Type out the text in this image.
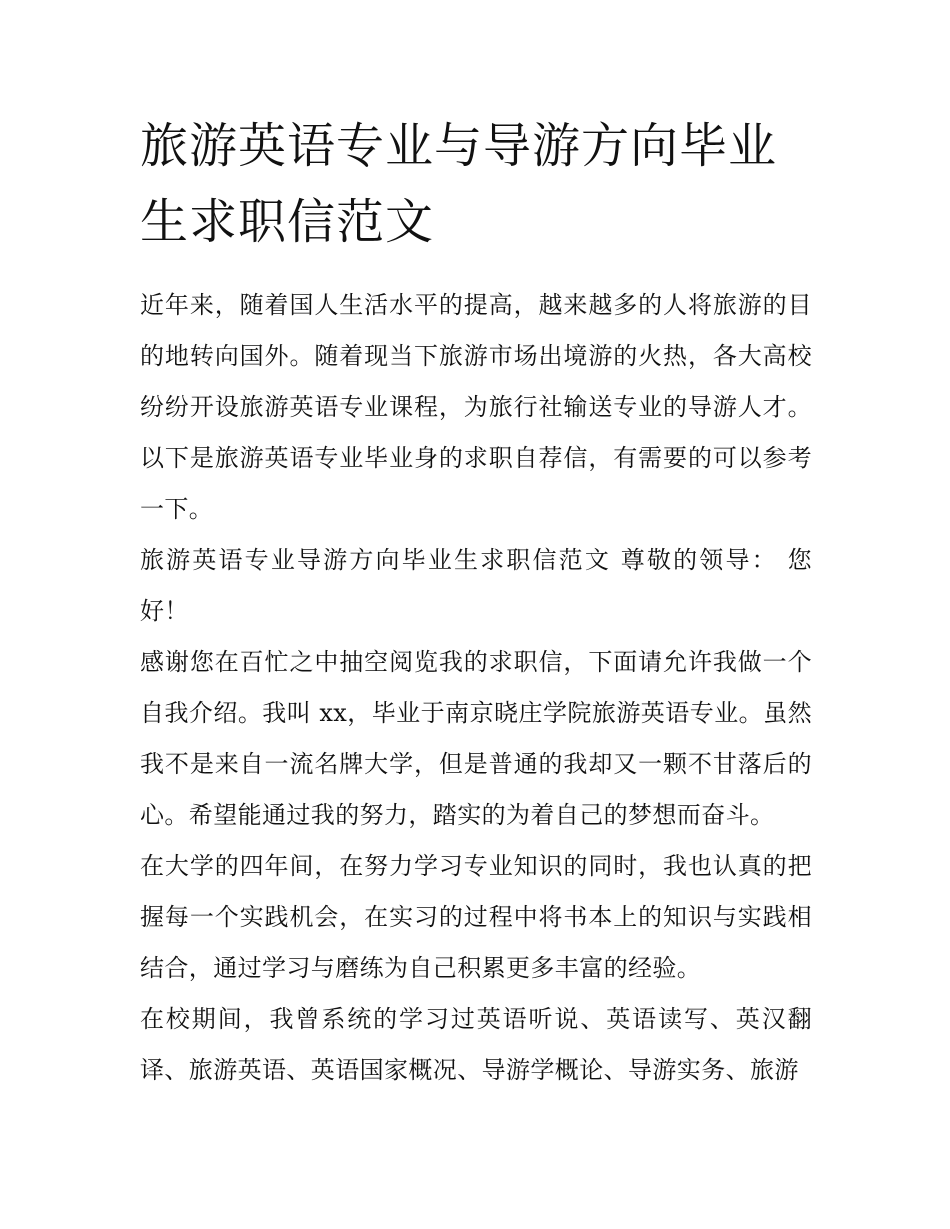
旅游英语专业与导游方向毕业生求职信范文

近年来，随着国人生活水平的提高，越来越多的人将旅游的目的地转向国外。随着现当下旅游市场出境游的火热，各大高校纷纷开设旅游英语专业课程，为旅行社输送专业的导游人才。以下是旅游英语专业毕业身的求职自荐信，有需要的可以参考一下。

旅游英语专业导游方向毕业生求职信范文 尊敬的领导： 您好！

感谢您在百忙之中抽空阅览我的求职信，下面请允许我做一个自我介绍。我叫 xx，毕业于南京晓庄学院旅游英语专业。虽然我不是来自一流名牌大学，但是普通的我却又一颗不甘落后的心。希望能通过我的努力，踏实的为着自己的梦想而奋斗。

在大学的四年间，在努力学习专业知识的同时，我也认真的把握每一个实践机会，在实习的过程中将书本上的知识与实践相结合，通过学习与磨练为自己积累更多丰富的经验。

在校期间，我曾系统的学习过英语听说、英语读写、英汉翻译、旅游英语、英语国家概况、导游学概论、导游实务、旅游
